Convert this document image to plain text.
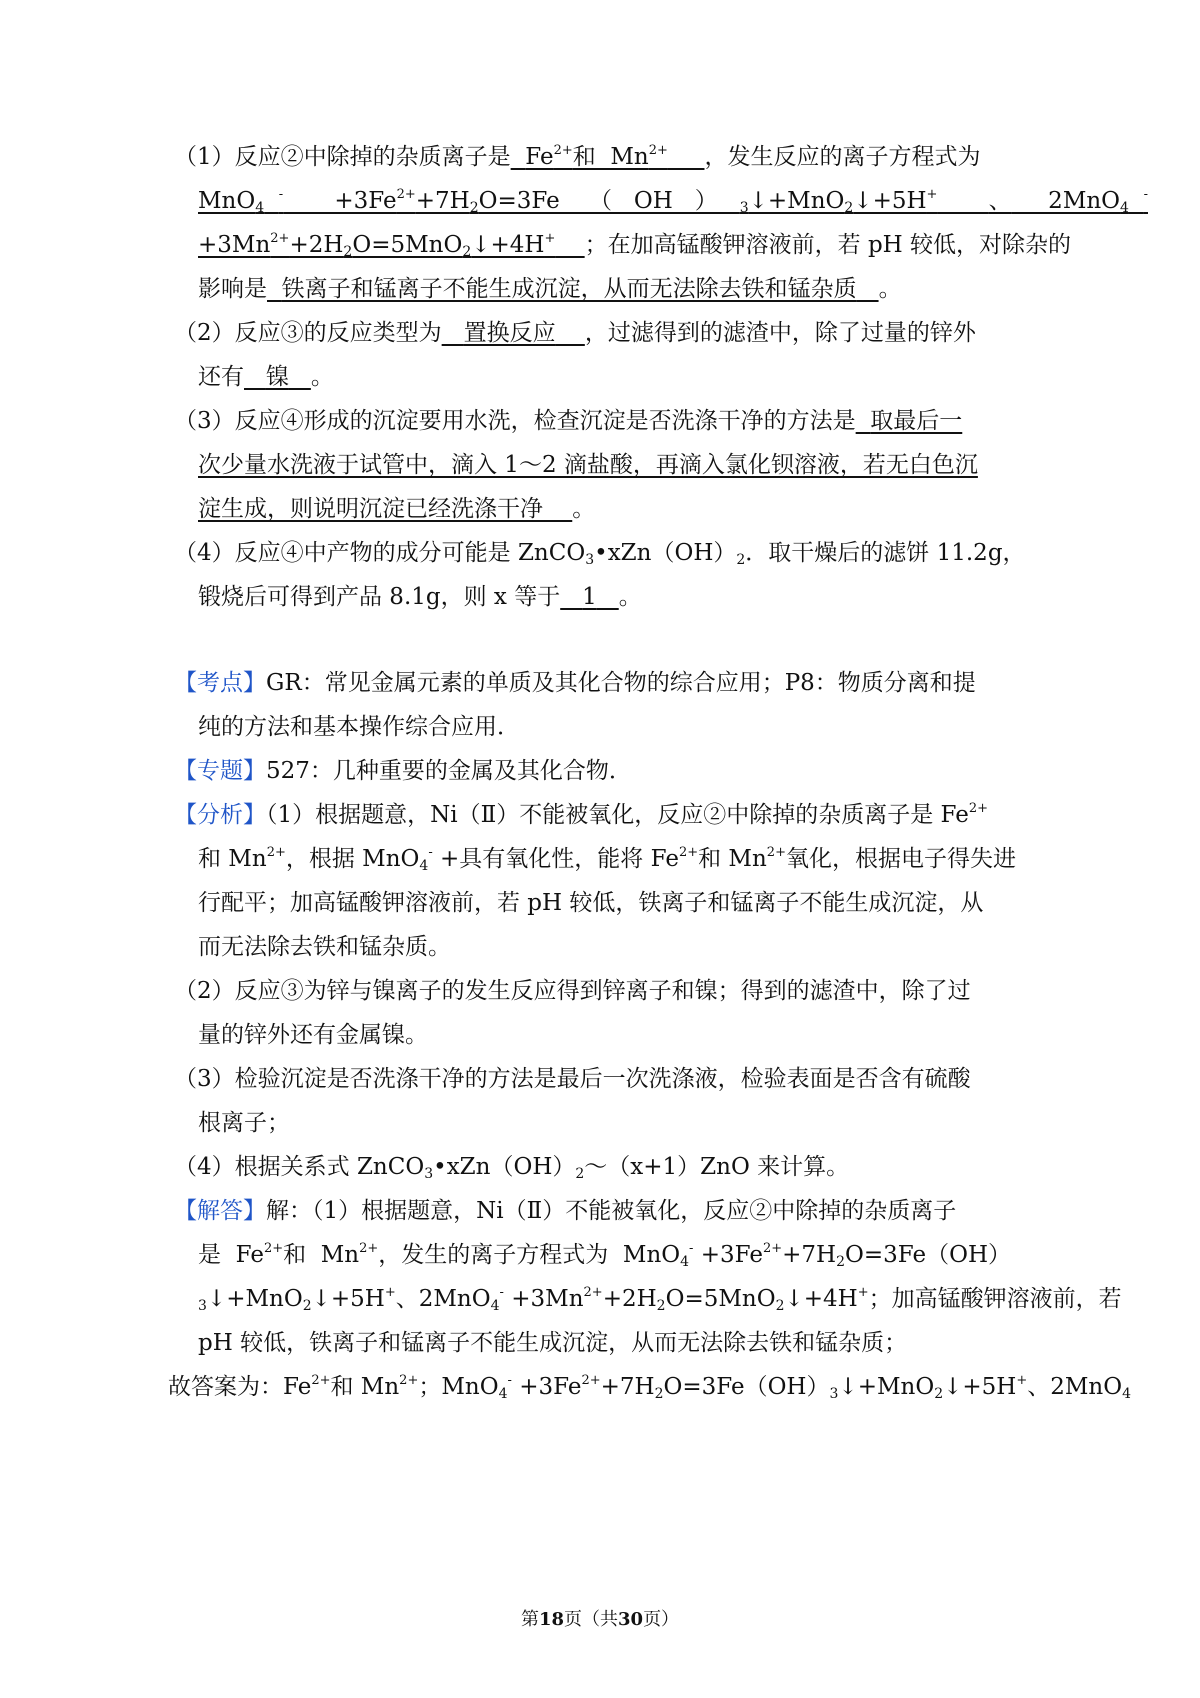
（1）反应②中除掉的杂质离子是 $Fe^{2+}$和  $Mn^{2+}$ ，发生反应的离子方程式为
MnO$_4$  -       $+3Fe^{2+}+7H_2O=3Fe$    （   OH   ）   $_3$↓+MnO$_2$↓+5H+ 、     2MnO$_4$  -
$+3Mn^{2+}+2H_2O=5MnO_2↓+4H^+$ ；在加高锰酸钾溶液前，若 pH 较低，对除杂的
影响是 铁离子和锰离子不能生成沉淀，从而无法除去铁和锰杂质 。
（2）反应③的反应类型为 置换反应 ，过滤得到的滤渣中，除了过量的锌外
还有 镍 。
（3）反应④形成的沉淀要用水洗，检查沉淀是否洗涤干净的方法是 取最后一
次少量水洗液于试管中，滴入 1～2 滴盐酸，再滴入氯化钡溶液，若无白色沉
淀生成，则说明沉淀已经洗涤干净 。
（4）反应④中产物的成分可能是 $ZnCO_3•xZn(OH)_2$．取干燥后的滤饼 11.2g，
锻烧后可得到产品 8.1g，则 x 等于 1 。
【考点】GR：常见金属元素的单质及其化合物的综合应用；P8：物质分离和提
纯的方法和基本操作综合应用．
【专题】527：几种重要的金属及其化合物．
【分析】（1）根据题意，Ni（Ⅱ）不能被氧化，反应②中除掉的杂质离子是 $Fe^{2+}$
和 $Mn^{2+}$，根据 MnO$_4$- +具有氧化性，能将 $Fe^{2+}$和 $Mn^{2+}$氧化，根据电子得失进
行配平；加高锰酸钾溶液前，若 pH 较低，铁离子和锰离子不能生成沉淀，从
而无法除去铁和锰杂质。
（2）反应③为锌与镍离子的发生反应得到锌离子和镍；得到的滤渣中，除了过
量的锌外还有金属镍。
（3）检验沉淀是否洗涤干净的方法是最后一次洗涤液，检验表面是否含有硫酸
根离子；
（4）根据关系式 $ZnCO_3•xZn(OH)_2\sim(x+1)ZnO$ 来计算。
【解答】解：（1）根据题意，Ni（Ⅱ）不能被氧化，反应②中除掉的杂质离子
是  $Fe^{2+}$和  $Mn^{2+}$，发生的离子方程式为  $MnO_4^- +3Fe^{2+}+7H_2O=3Fe(OH)$
$_3$↓+MnO$_2$↓+5H+、$2MnO_4^- +3Mn^{2+}+2H_2O=5MnO_2↓+4H^+$；加高锰酸钾溶液前，若
pH 较低，铁离子和锰离子不能生成沉淀，从而无法除去铁和锰杂质；
故答案为：$Fe^{2+}$和 $Mn^{2+}$；$MnO_4^- +3Fe^{2+}+7H_2O=3Fe(OH)_3↓+MnO_2↓+5H^+$、2MnO$_4$
第18页（共30页）
